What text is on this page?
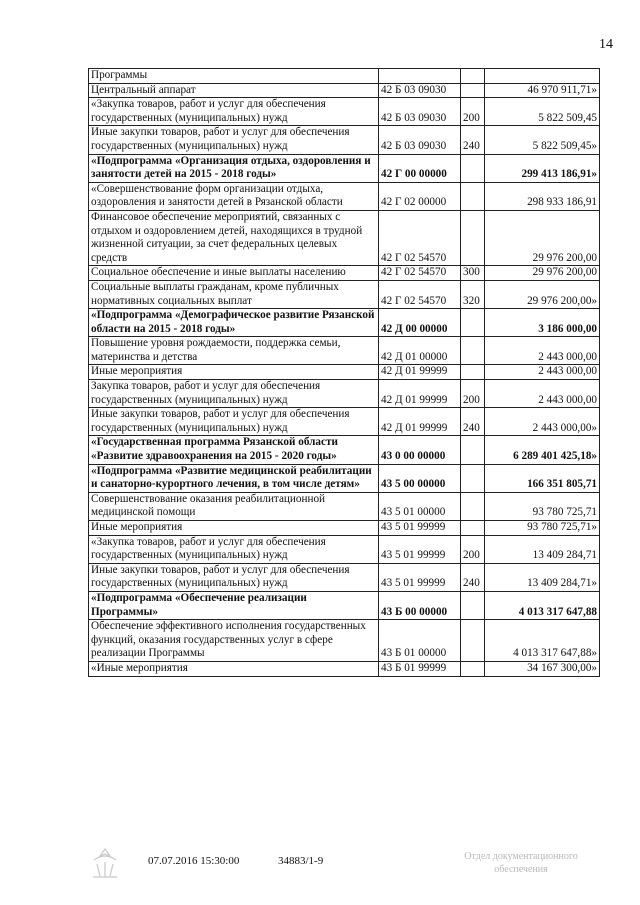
14
Программы			
Центральный аппарат	42 Б 03 09030		46 970 911,71»
«Закупка товаров, работ и услуг для обеспечения государственных (муниципальных) нужд	42 Б 03 09030	200	5 822 509,45
Иные закупки товаров, работ и услуг для обеспечения государственных (муниципальных) нужд	42 Б 03 09030	240	5 822 509,45»
«Подпрограмма «Организация отдыха, оздоровления и занятости детей на 2015 - 2018 годы»	42 Г 00 00000		299 413 186,91»
«Совершенствование форм организации отдыха, оздоровления и занятости детей в Рязанской области	42 Г 02 00000		298 933 186,91
Финансовое обеспечение мероприятий, связанных с отдыхом и оздоровлением детей, находящихся в трудной жизненной ситуации, за счет федеральных целевых средств	42 Г 02 54570		29 976 200,00
Социальное обеспечение и иные выплаты населению	42 Г 02 54570	300	29 976 200,00
Социальные выплаты гражданам, кроме публичных нормативных социальных выплат	42 Г 02 54570	320	29 976 200,00»
«Подпрограмма «Демографическое развитие Рязанской области на 2015 - 2018 годы»	42 Д 00 00000		3 186 000,00
Повышение уровня рождаемости, поддержка семьи, материнства и детства	42 Д 01 00000		2 443 000,00
Иные мероприятия	42 Д 01 99999		2 443 000,00
Закупка товаров, работ и услуг для обеспечения государственных (муниципальных) нужд	42 Д 01 99999	200	2 443 000,00
Иные закупки товаров, работ и услуг для обеспечения государственных (муниципальных) нужд	42 Д 01 99999	240	2 443 000,00»
«Государственная программа Рязанской области «Развитие здравоохранения на 2015 - 2020 годы»	43 0 00 00000		6 289 401 425,18»
«Подпрограмма «Развитие медицинской реабилитации и санаторно-курортного лечения, в том числе детям»	43 5 00 00000		166 351 805,71
Совершенствование оказания реабилитационной медицинской помощи	43 5 01 00000		93 780 725,71
Иные мероприятия	43 5 01 99999		93 780 725,71»
«Закупка товаров, работ и услуг для обеспечения государственных (муниципальных) нужд	43 5 01 99999	200	13 409 284,71
Иные закупки товаров, работ и услуг для обеспечения государственных (муниципальных) нужд	43 5 01 99999	240	13 409 284,71»
«Подпрограмма «Обеспечение реализации Программы»	43 Б 00 00000		4 013 317 647,88
Обеспечение эффективного исполнения государственных функций, оказания государственных услуг в сфере реализации Программы	43 Б 01 00000		4 013 317 647,88»
«Иные мероприятия	43 Б 01 99999		34 167 300,00»
07.07.2016 15:30:00	34883/1-9	Отдел документационного обеспечения
